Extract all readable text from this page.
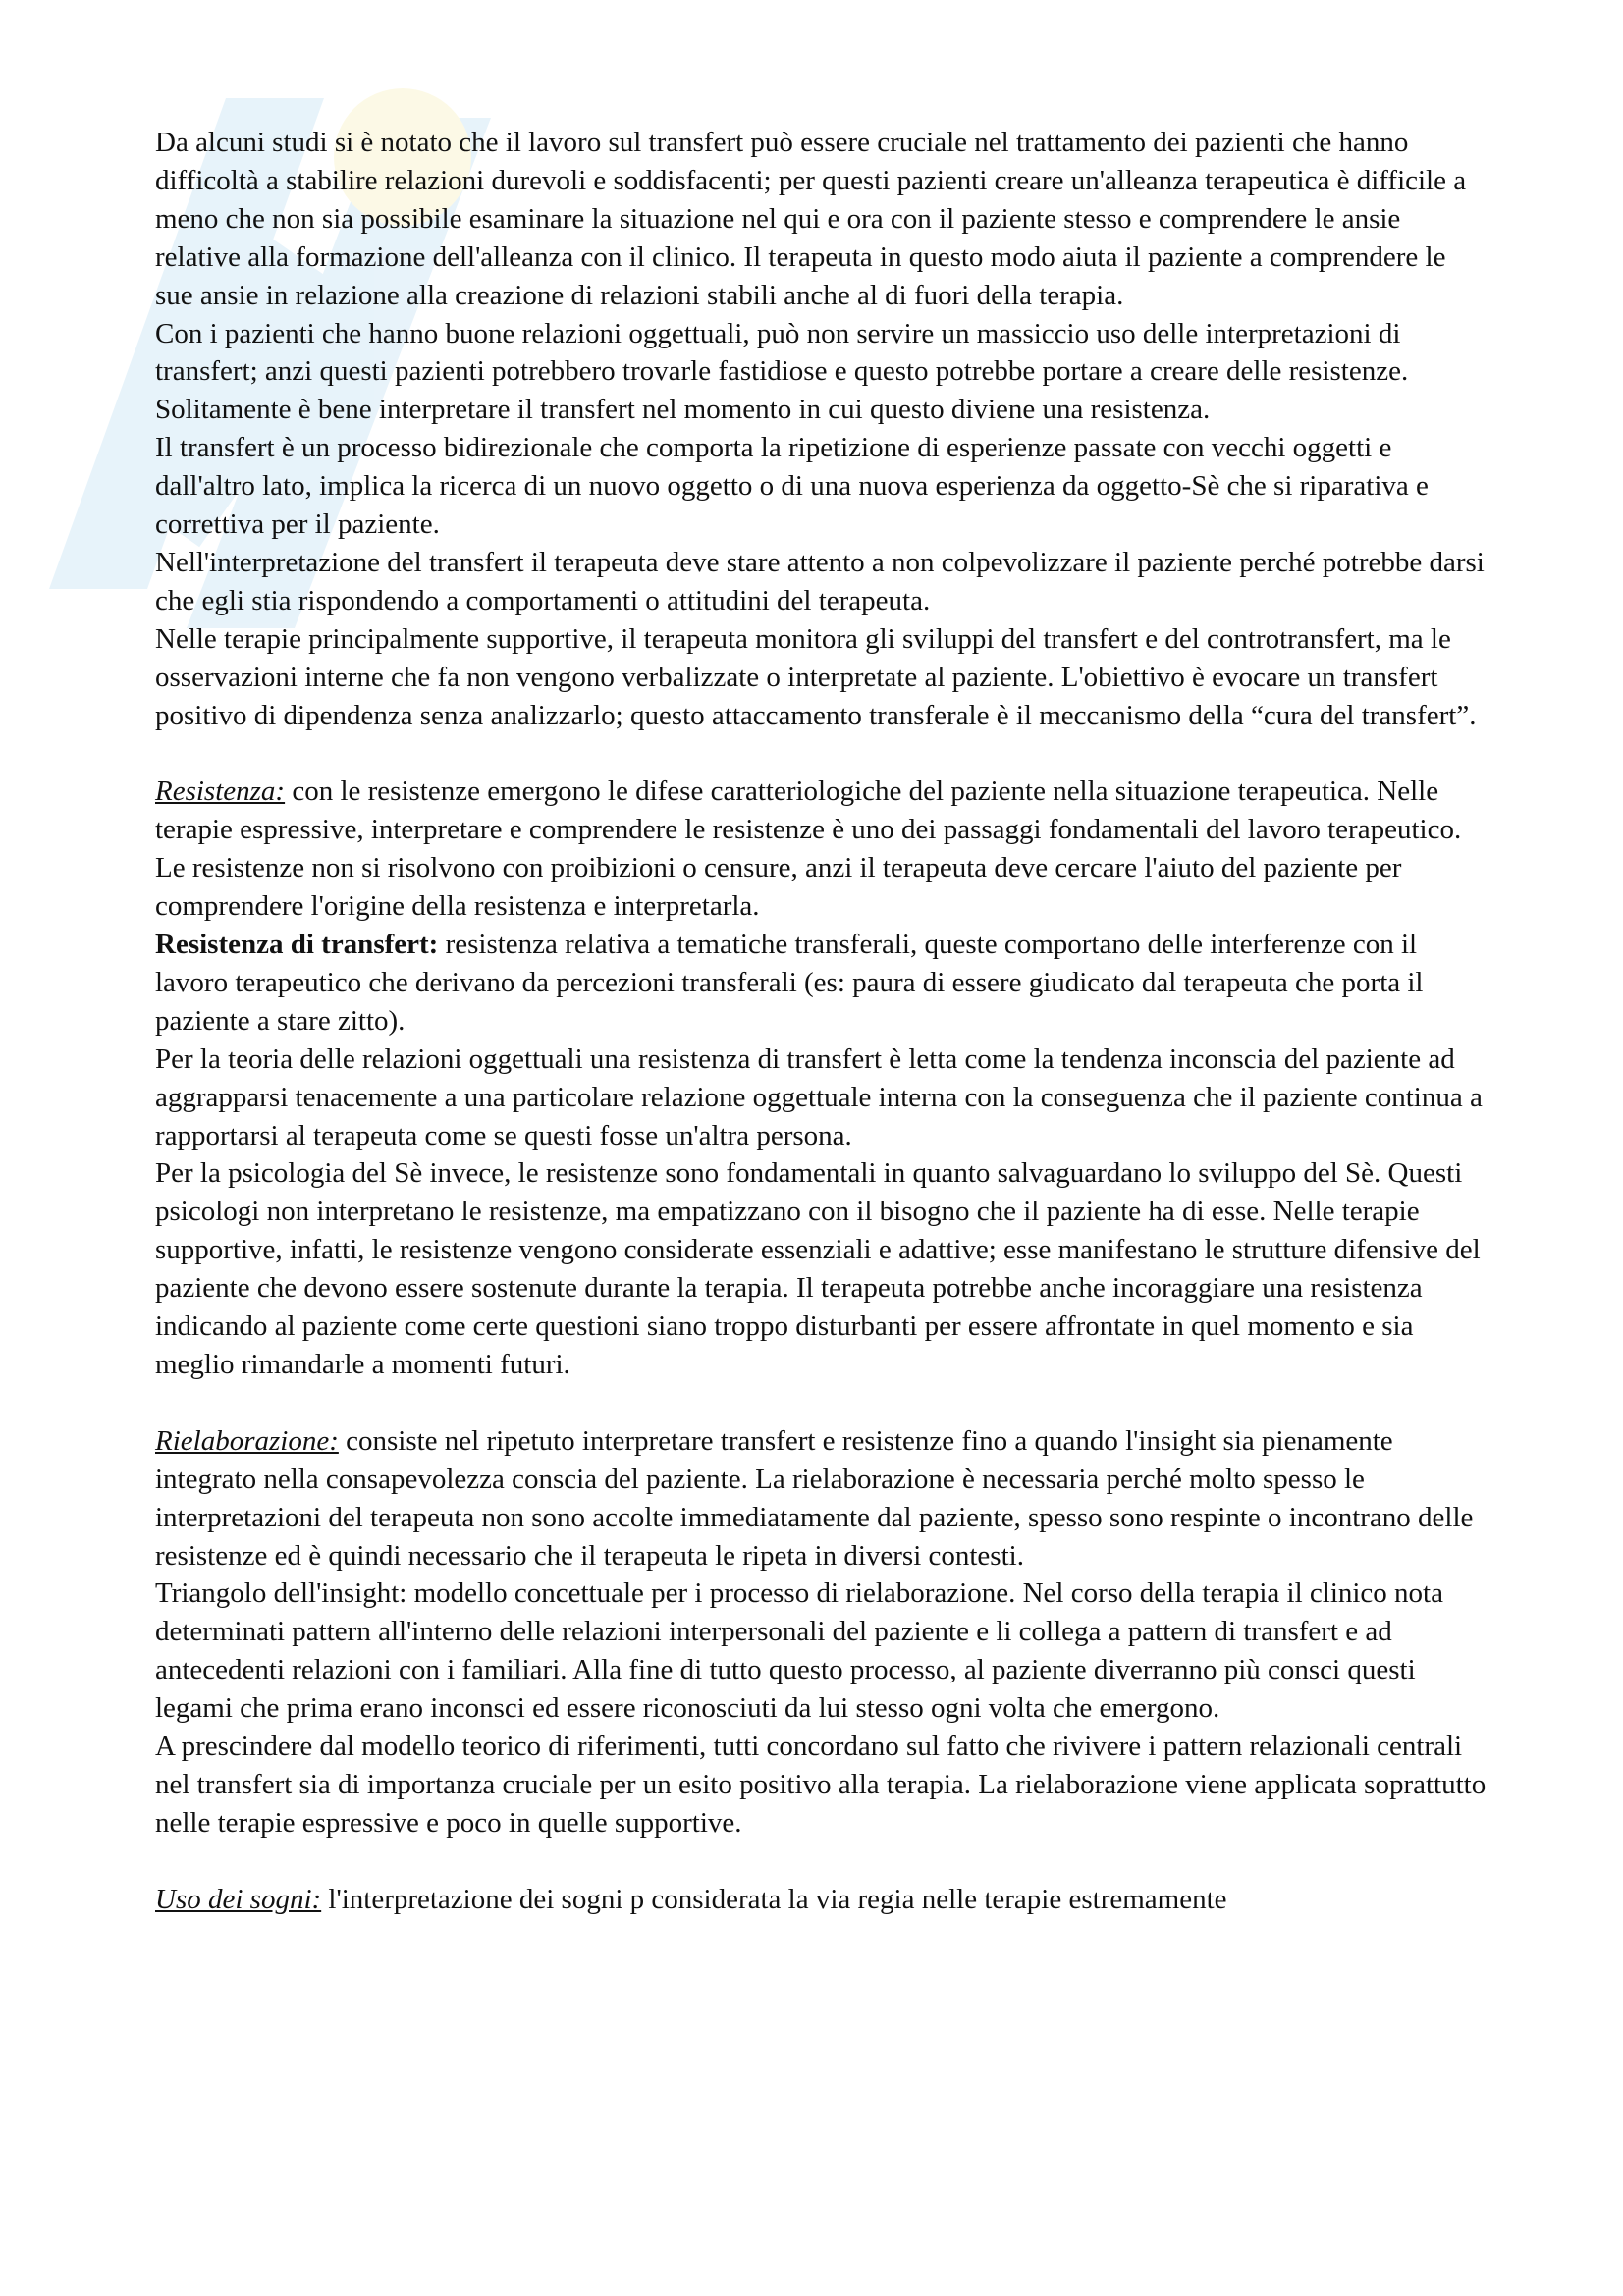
Da alcuni studi si è notato che il lavoro sul transfert può essere cruciale nel trattamento dei pazienti che hanno difficoltà a stabilire relazioni durevoli e soddisfacenti; per questi pazienti creare un'alleanza terapeutica è difficile a meno che non sia possibile esaminare la situazione nel qui e ora con il paziente stesso e comprendere le ansie relative alla formazione dell'alleanza con il clinico. Il terapeuta in questo modo aiuta il paziente a comprendere le sue ansie in relazione alla creazione di relazioni stabili anche al di fuori della terapia.

Con i pazienti che hanno buone relazioni oggettuali, può non servire un massiccio uso delle interpretazioni di transfert; anzi questi pazienti potrebbero trovarle fastidiose e questo potrebbe portare a creare delle resistenze. Solitamente è bene interpretare il transfert nel momento in cui questo diviene una resistenza.

Il transfert è un processo bidirezionale che comporta la ripetizione di esperienze passate con vecchi oggetti e dall'altro lato, implica la ricerca di un nuovo oggetto o di una nuova esperienza da oggetto-Sè che si riparativa e correttiva per il paziente.

Nell'interpretazione del transfert il terapeuta deve stare attento a non colpevolizzare il paziente perché potrebbe darsi che egli stia rispondendo a comportamenti o attitudini del terapeuta.

Nelle terapie principalmente supportive, il terapeuta monitora gli sviluppi del transfert e del controtransfert, ma le osservazioni interne che fa non vengono verbalizzate o interpretate al paziente. L'obiettivo è evocare un transfert positivo di dipendenza senza analizzarlo; questo attaccamento transferale è il meccanismo della “cura del transfert”.

Resistenza: con le resistenze emergono le difese caratteriologiche del paziente nella situazione terapeutica. Nelle terapie espressive, interpretare e comprendere le resistenze è uno dei passaggi fondamentali del lavoro terapeutico. Le resistenze non si risolvono con proibizioni o censure, anzi il terapeuta deve cercare l'aiuto del paziente per comprendere l'origine della resistenza e interpretarla.

Resistenza di transfert: resistenza relativa a tematiche transferali, queste comportano delle interferenze con il lavoro terapeutico che derivano da percezioni transferali (es: paura di essere giudicato dal terapeuta che porta il paziente a stare zitto).

Per la teoria delle relazioni oggettuali una resistenza di transfert è letta come la tendenza inconscia del paziente ad aggrapparsi tenacemente a una particolare relazione oggettuale interna con la conseguenza che il paziente continua a rapportarsi al terapeuta come se questi fosse un'altra persona.

Per la psicologia del Sè invece, le resistenze sono fondamentali in quanto salvaguardano lo sviluppo del Sè. Questi psicologi non interpretano le resistenze, ma empatizzano con il bisogno che il paziente ha di esse. Nelle terapie supportive, infatti, le resistenze vengono considerate essenziali e adattive; esse manifestano le strutture difensive del paziente che devono essere sostenute durante la terapia. Il terapeuta potrebbe anche incoraggiare una resistenza indicando al paziente come certe questioni siano troppo disturbanti per essere affrontate in quel momento e sia meglio rimandarle a momenti futuri.

Rielaborazione: consiste nel ripetuto interpretare transfert e resistenze fino a quando l'insight sia pienamente integrato nella consapevolezza conscia del paziente. La rielaborazione è necessaria perché molto spesso le interpretazioni del terapeuta non sono accolte immediatamente dal paziente, spesso sono respinte o incontrano delle resistenze ed è quindi necessario che il terapeuta le ripeta in diversi contesti.

Triangolo dell'insight: modello concettuale per i processo di rielaborazione. Nel corso della terapia il clinico nota determinati pattern all'interno delle relazioni interpersonali del paziente e li collega a pattern di transfert e ad antecedenti relazioni con i familiari. Alla fine di tutto questo processo, al paziente diverranno più consci questi legami che prima erano inconsci ed essere riconosciuti da lui stesso ogni volta che emergono.

A prescindere dal modello teorico di riferimenti, tutti concordano sul fatto che rivivere i pattern relazionali centrali nel transfert sia di importanza cruciale per un esito positivo alla terapia. La rielaborazione viene applicata soprattutto nelle terapie espressive e poco in quelle supportive.

Uso dei sogni: l'interpretazione dei sogni p considerata la via regia nelle terapie estremamente
